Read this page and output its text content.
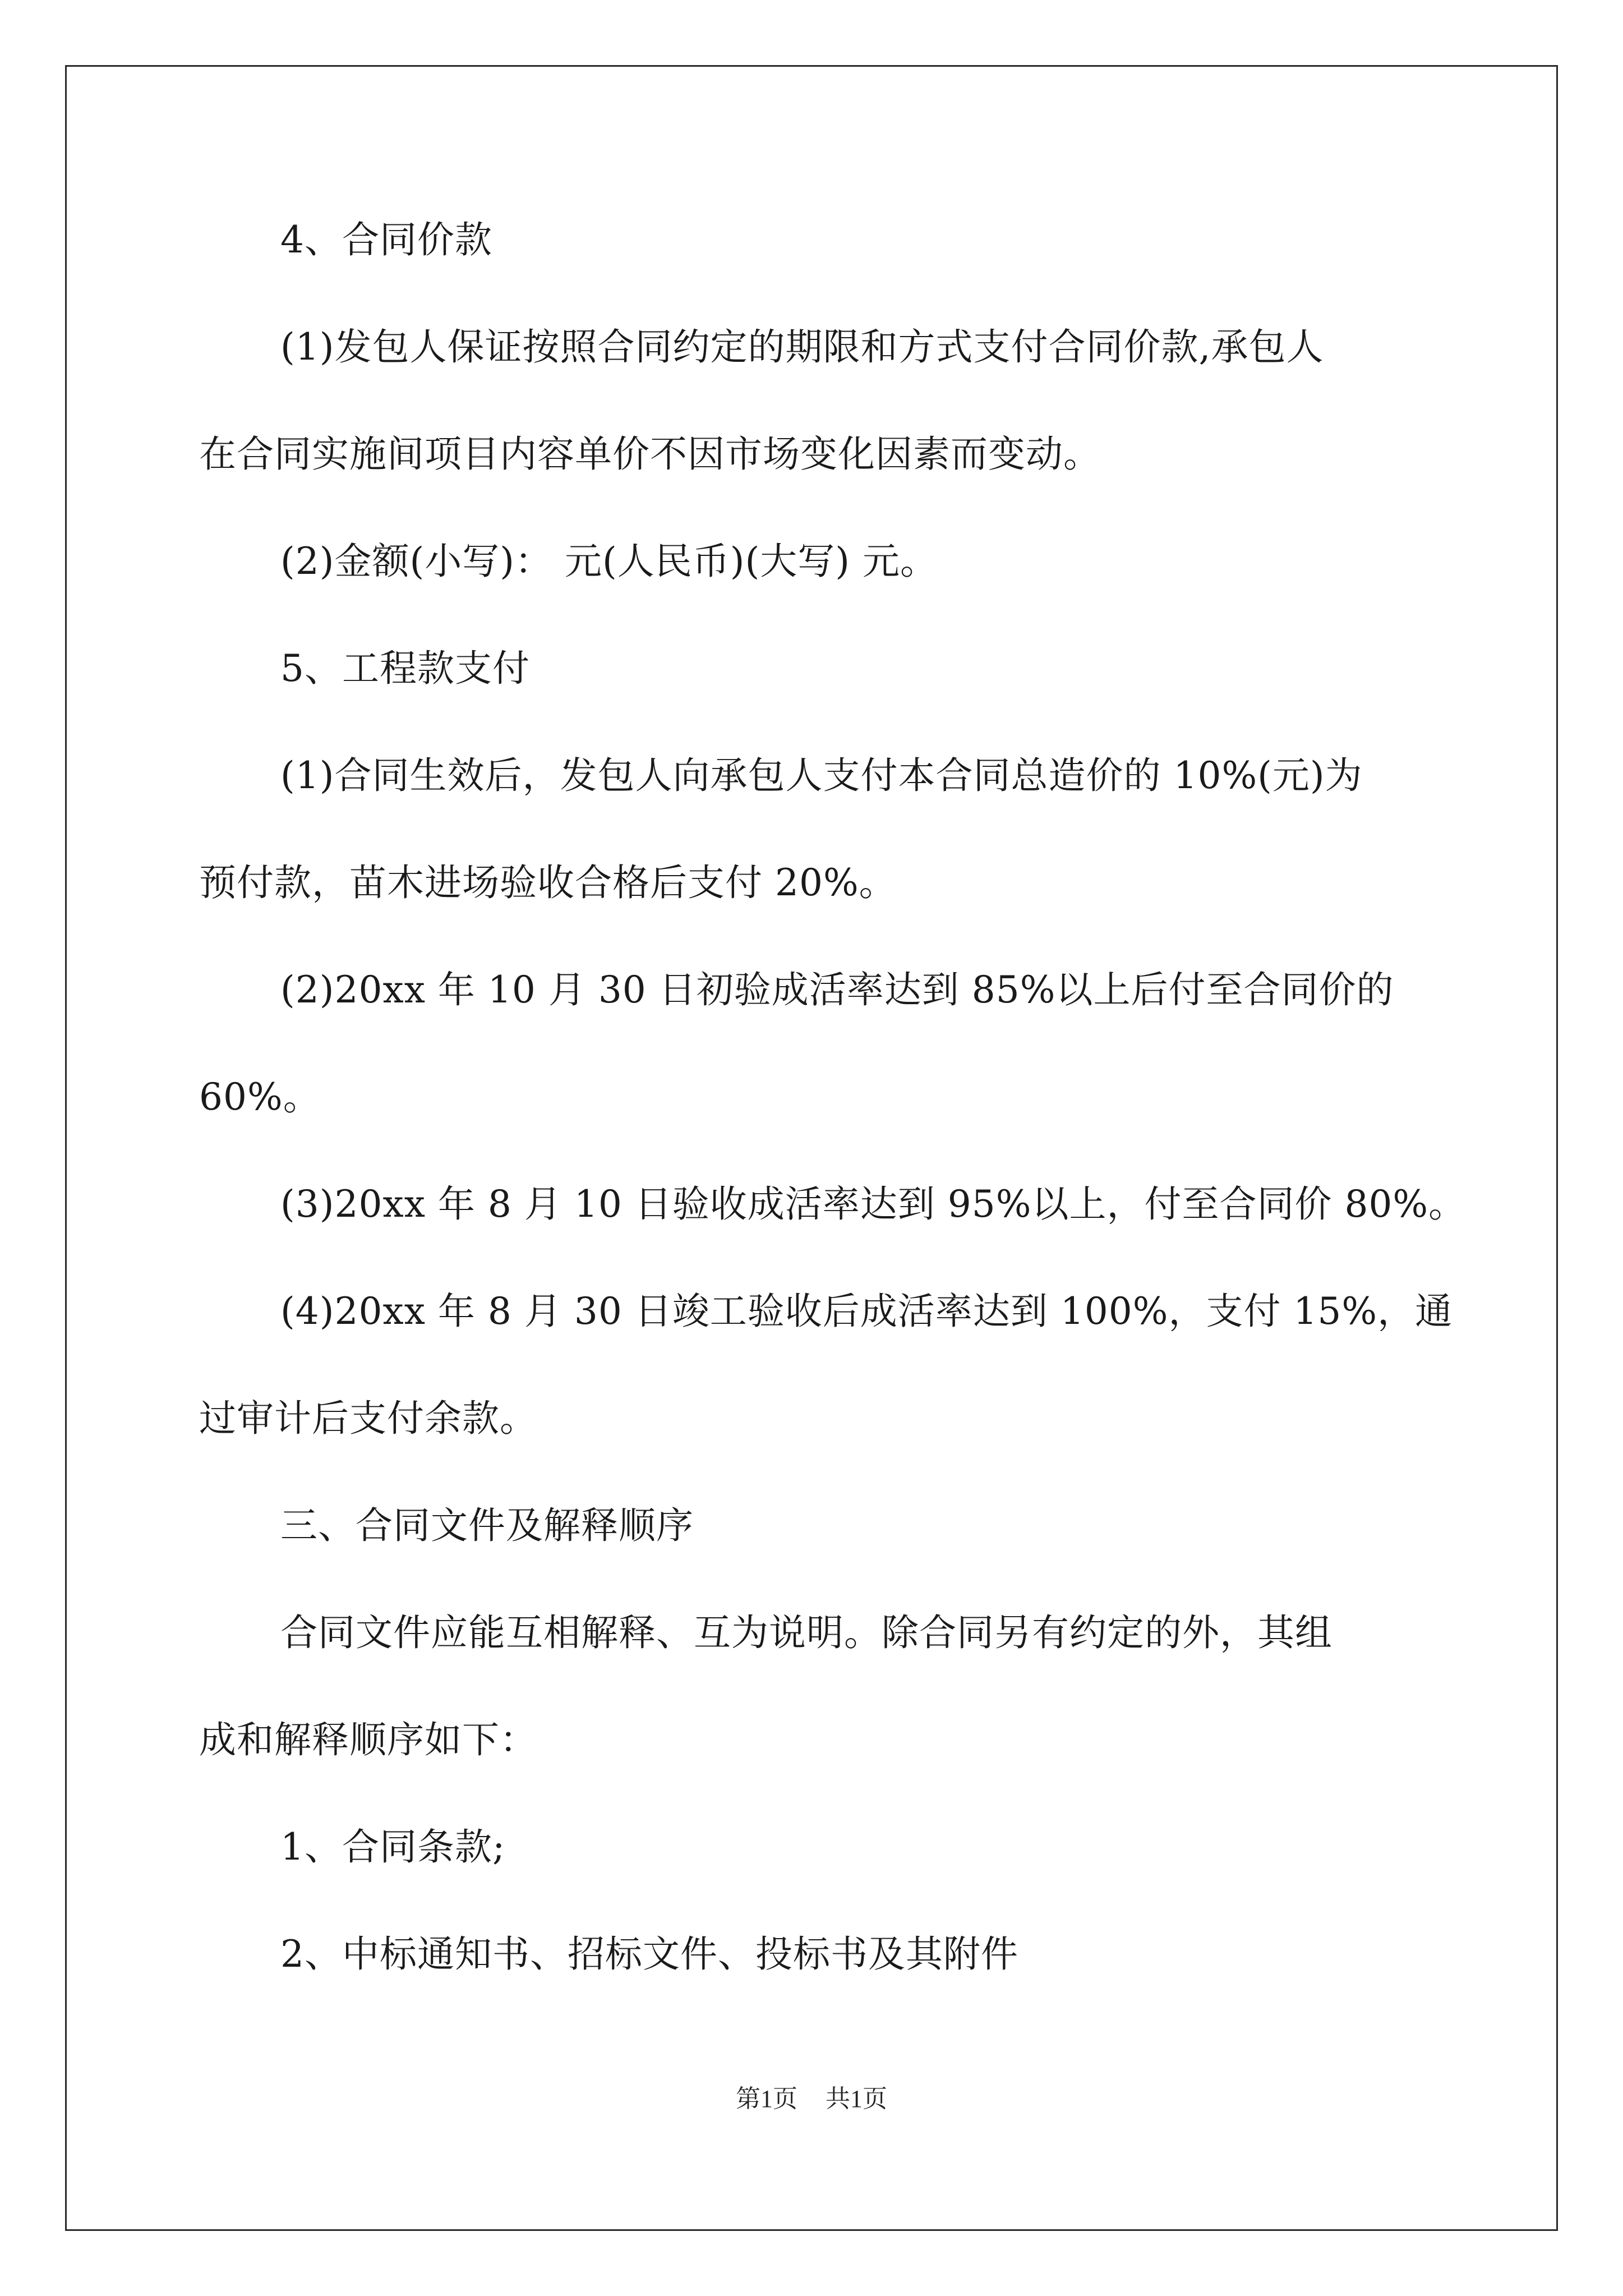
4、合同价款
(1)发包人保证按照合同约定的期限和方式支付合同价款,承包人
在合同实施间项目内容单价不因市场变化因素而变动。
(2)金额(小写)： 元(人民币)(大写) 元。
5、工程款支付
(1)合同生效后，发包人向承包人支付本合同总造价的 10%(元)为
预付款，苗木进场验收合格后支付 20%。
(2)20xx 年 10 月 30 日初验成活率达到 85%以上后付至合同价的
60%。
(3)20xx 年 8 月 10 日验收成活率达到 95%以上，付至合同价 80%。
(4)20xx 年 8 月 30 日竣工验收后成活率达到 100%，支付 15%，通
过审计后支付余款。
三、合同文件及解释顺序
合同文件应能互相解释、互为说明。除合同另有约定的外，其组
成和解释顺序如下：
1、合同条款;
2、中标通知书、招标文件、投标书及其附件
第1页 共1页
